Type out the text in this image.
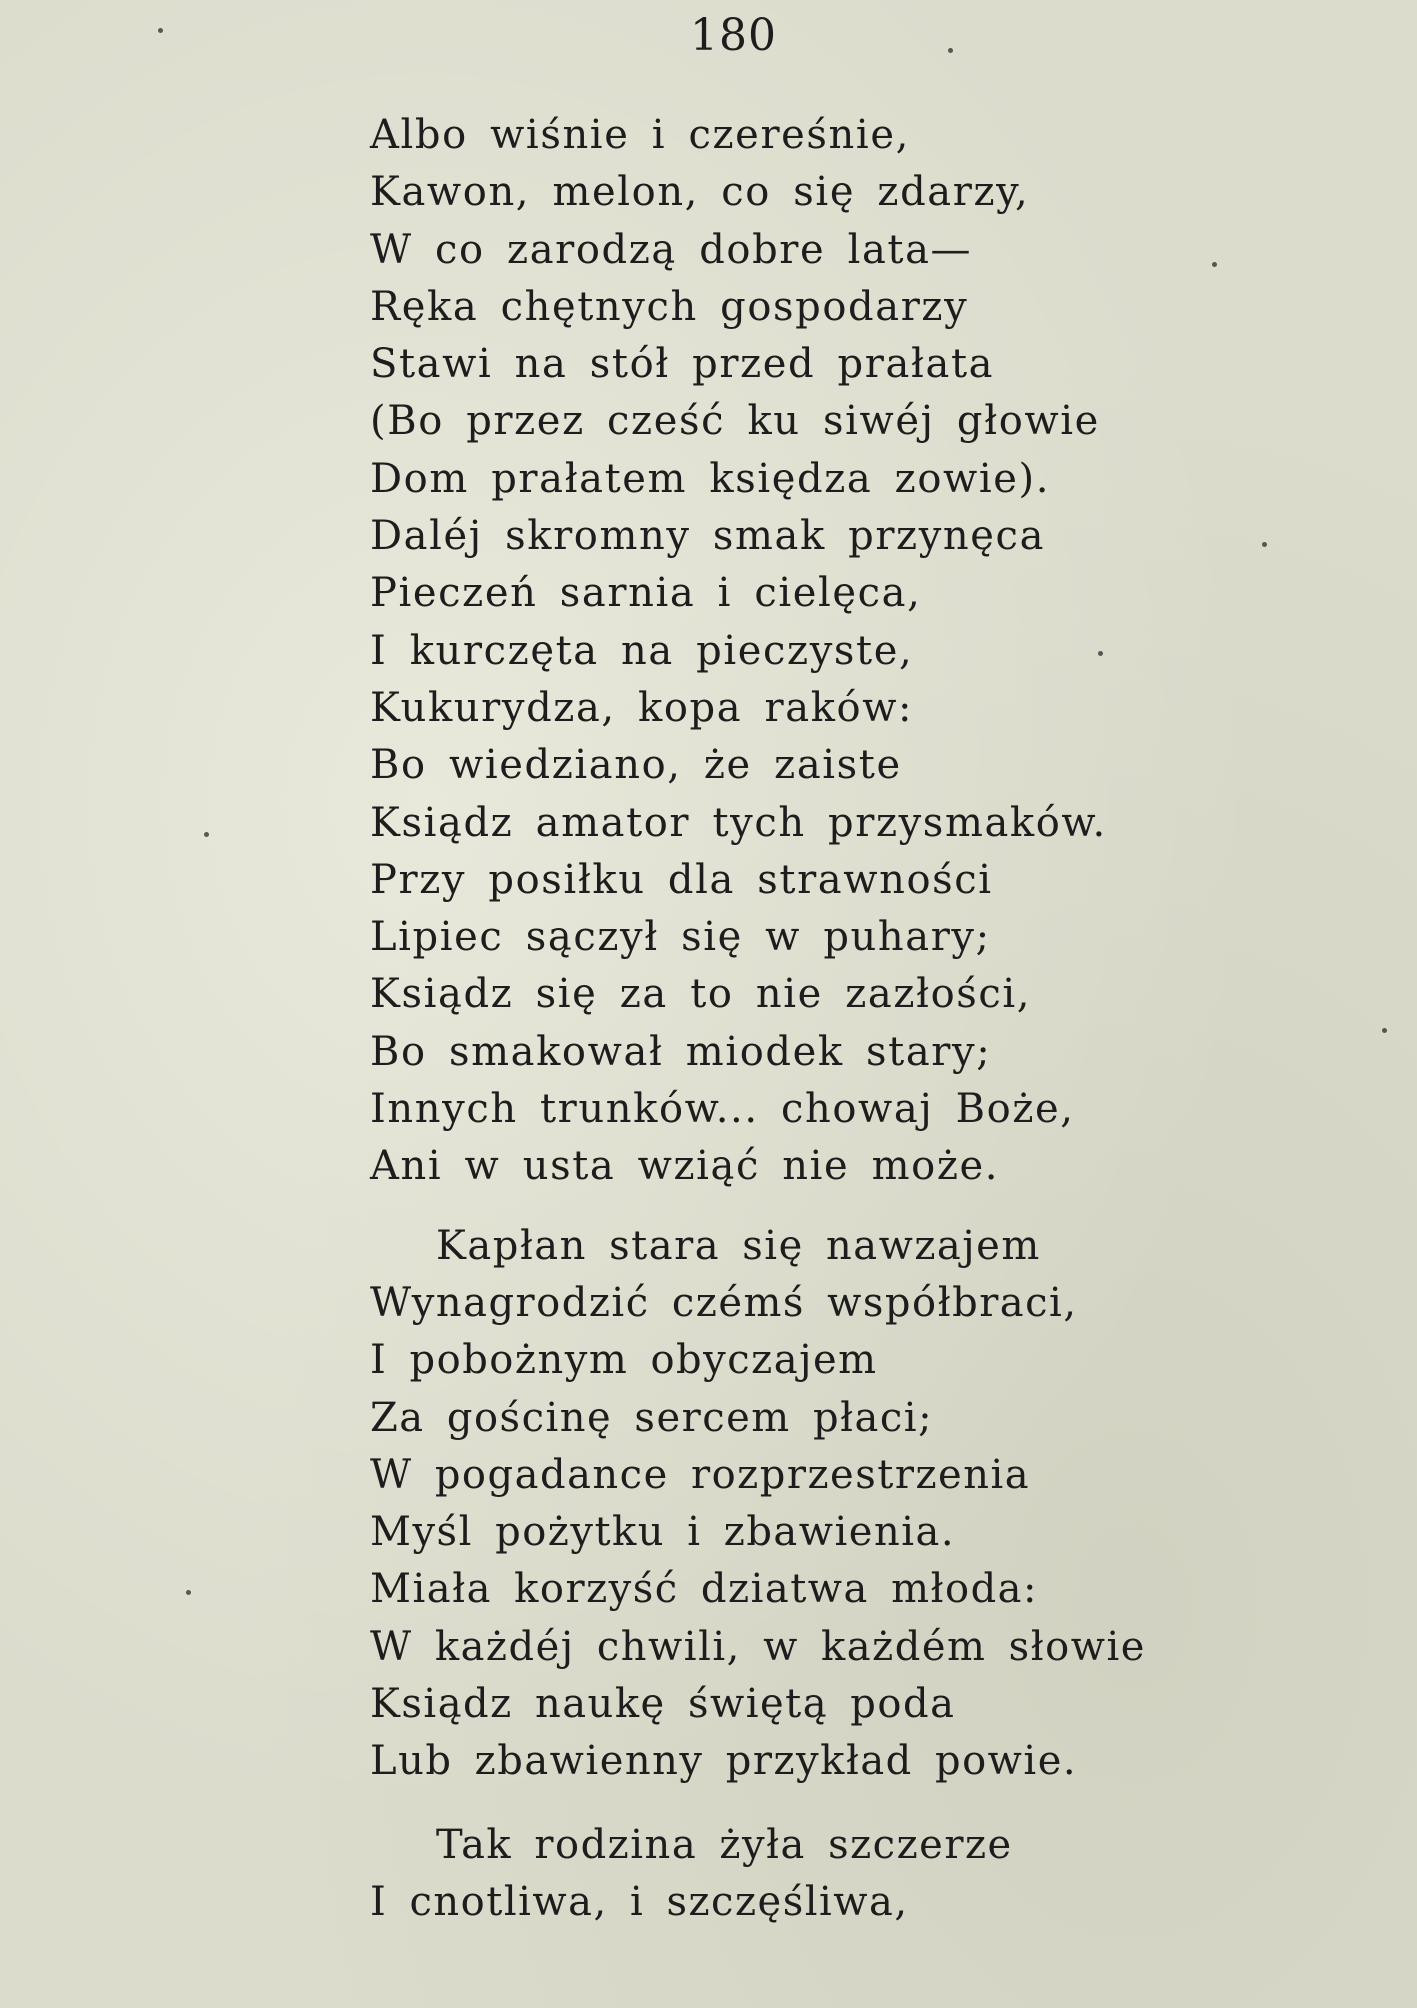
180
Albo wiśnie i czereśnie,
Kawon, melon, co się zdarzy,
W co zarodzą dobre lata—
Ręka chętnych gospodarzy
Stawi na stół przed prałata
(Bo przez cześć ku siwéj głowie
Dom prałatem księdza zowie).
Daléj skromny smak przynęca
Pieczeń sarnia i cielęca,
I kurczęta na pieczyste,
Kukurydza, kopa raków:
Bo wiedziano, że zaiste
Ksiądz amator tych przysmaków.
Przy posiłku dla strawności
Lipiec sączył się w puhary;
Ksiądz się za to nie zazłości,
Bo smakował miodek stary;
Innych trunków... chowaj Boże,
Ani w usta wziąć nie może.
Kapłan stara się nawzajem
Wynagrodzić czémś współbraci,
I pobożnym obyczajem
Za gościnę sercem płaci;
W pogadance rozprzestrzenia
Myśl pożytku i zbawienia.
Miała korzyść dziatwa młoda:
W każdéj chwili, w każdém słowie
Ksiądz naukę świętą poda
Lub zbawienny przykład powie.
Tak rodzina żyła szczerze
I cnotliwa, i szczęśliwa,
